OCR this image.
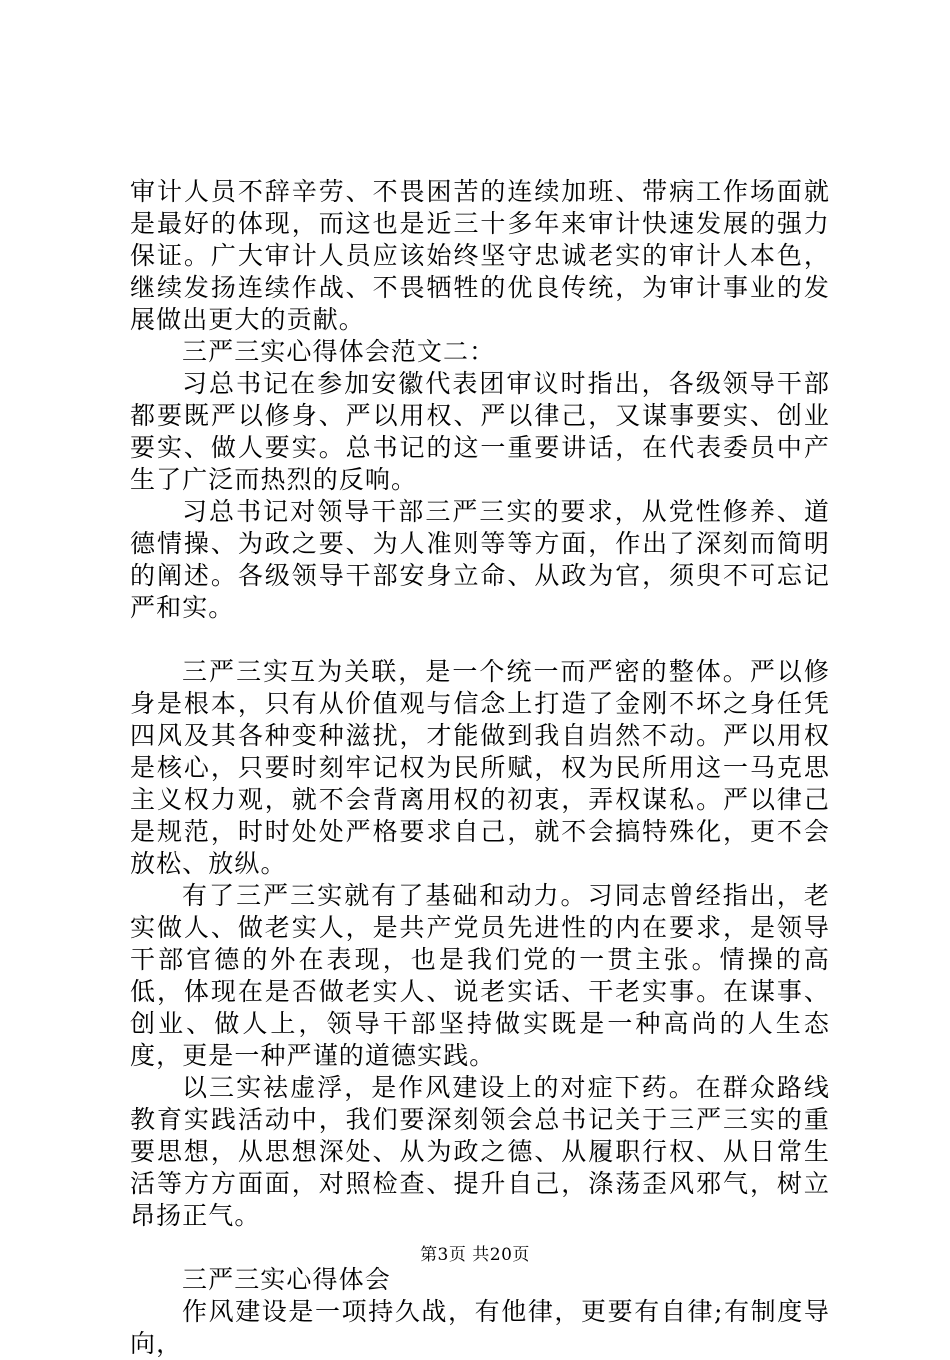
审计人员不辞辛劳、不畏困苦的连续加班、带病工作场面就是最好的体现，而这也是近三十多年来审计快速发展的强力保证。广大审计人员应该始终坚守忠诚老实的审计人本色，继续发扬连续作战、不畏牺牲的优良传统，为审计事业的发展做出更大的贡献。

三严三实心得体会范文二：

习总书记在参加安徽代表团审议时指出，各级领导干部都要既严以修身、严以用权、严以律己，又谋事要实、创业要实、做人要实。总书记的这一重要讲话，在代表委员中产生了广泛而热烈的反响。

习总书记对领导干部三严三实的要求，从党性修养、道德情操、为政之要、为人准则等等方面，作出了深刻而简明的阐述。各级领导干部安身立命、从政为官，须臾不可忘记严和实。

三严三实互为关联，是一个统一而严密的整体。严以修身是根本，只有从价值观与信念上打造了金刚不坏之身任凭四风及其各种变种滋扰，才能做到我自岿然不动。严以用权是核心，只要时刻牢记权为民所赋，权为民所用这一马克思主义权力观，就不会背离用权的初衷，弄权谋私。严以律己是规范，时时处处严格要求自己，就不会搞特殊化，更不会放松、放纵。

有了三严三实就有了基础和动力。习同志曾经指出，老实做人、做老实人，是共产党员先进性的内在要求，是领导干部官德的外在表现，也是我们党的一贯主张。情操的高低，体现在是否做老实人、说老实话、干老实事。在谋事、创业、做人上，领导干部坚持做实既是一种高尚的人生态度，更是一种严谨的道德实践。

以三实祛虚浮，是作风建设上的对症下药。在群众路线教育实践活动中，我们要深刻领会总书记关于三严三实的重要思想，从思想深处、从为政之德、从履职行权、从日常生活等方方面面，对照检查、提升自己，涤荡歪风邪气，树立昂扬正气。

三严三实心得体会

作风建设是一项持久战，有他律，更要有自律;有制度导向，

第3页 共20页
